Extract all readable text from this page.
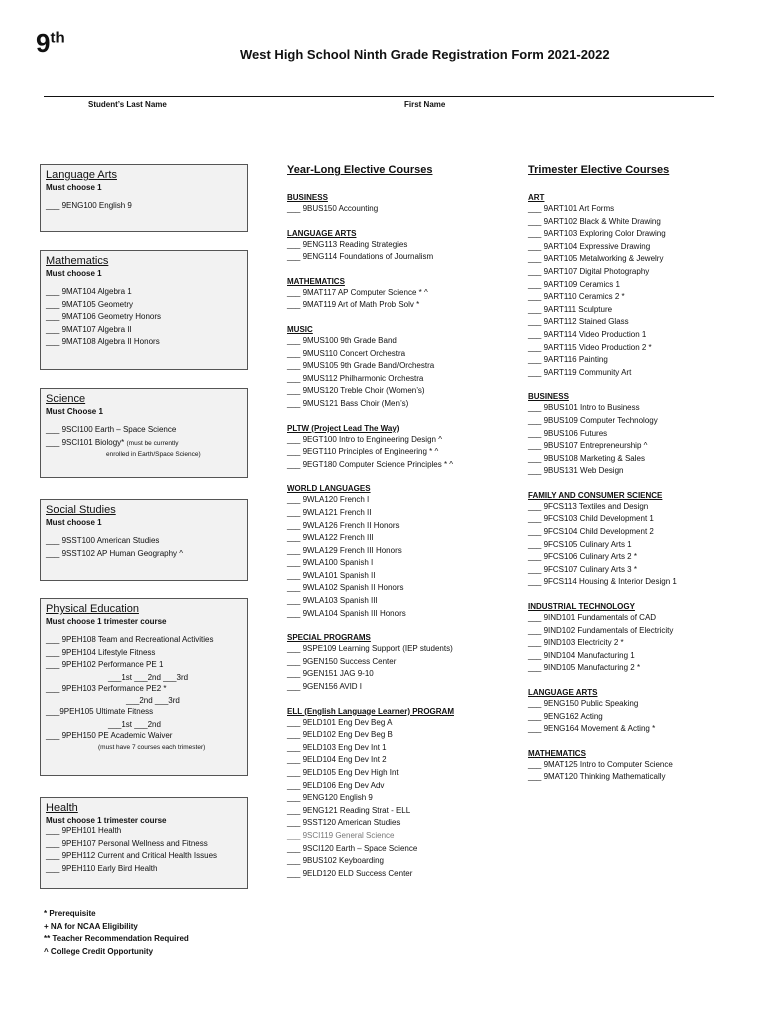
9th
West High School Ninth Grade Registration Form 2021-2022
Student’s Last Name	First Name
Language Arts
Must choose 1
___ 9ENG100 English 9
Mathematics
Must choose 1
___ 9MAT104 Algebra 1
___ 9MAT105 Geometry
___ 9MAT106 Geometry Honors
___ 9MAT107 Algebra II
___ 9MAT108 Algebra II Honors
Science
Must Choose 1
___ 9SCI100 Earth – Space Science
___ 9SCI101 Biology* (must be currently
enrolled in Earth/Space Science)
Social Studies
Must choose 1
___ 9SST100 American Studies
___ 9SST102 AP Human Geography ^
Physical Education
Must choose 1 trimester course
___ 9PEH108 Team and Recreational Activities
___ 9PEH104 Lifestyle Fitness
___ 9PEH102 Performance PE 1
___1st ___2nd ___3rd
___ 9PEH103 Performance PE2 *
___2nd ___3rd
___9PEH105 Ultimate Fitness
___1st ___2nd
___ 9PEH150 PE Academic Waiver
(must have 7 courses each trimester)
Health
Must choose 1 trimester course
___ 9PEH101 Health
___ 9PEH107 Personal Wellness and Fitness
___ 9PEH112 Current and Critical Health Issues
___ 9PEH110 Early Bird Health
* Prerequisite
+ NA for NCAA Eligibility
** Teacher Recommendation Required
^ College Credit Opportunity
Year-Long Elective Courses
BUSINESS
___ 9BUS150 Accounting
LANGUAGE ARTS
___ 9ENG113 Reading Strategies
___ 9ENG114 Foundations of Journalism
MATHEMATICS
___ 9MAT117 AP Computer Science * ^
___ 9MAT119 Art of Math Prob Solv *
MUSIC
___ 9MUS100 9th Grade Band
___ 9MUS110 Concert Orchestra
___ 9MUS105 9th Grade Band/Orchestra
___ 9MUS112 Philharmonic Orchestra
___ 9MUS120 Treble Choir (Women’s)
___ 9MUS121 Bass Choir (Men’s)
PLTW (Project Lead The Way)
___ 9EGT100 Intro to Engineering Design ^
___ 9EGT110 Principles of Engineering * ^
___ 9EGT180 Computer Science Principles * ^
WORLD LANGUAGES
___ 9WLA120 French I
___ 9WLA121 French II
___ 9WLA126 French II Honors
___ 9WLA122 French III
___ 9WLA129 French III Honors
___ 9WLA100 Spanish I
___ 9WLA101 Spanish II
___ 9WLA102 Spanish II Honors
___ 9WLA103 Spanish III
___ 9WLA104 Spanish III Honors
SPECIAL PROGRAMS
___ 9SPE109 Learning Support (IEP students)
___ 9GEN150 Success Center
___ 9GEN151 JAG 9-10
___ 9GEN156 AVID I
ELL (English Language Learner) PROGRAM
___ 9ELD101 Eng Dev Beg A
___ 9ELD102 Eng Dev Beg B
___ 9ELD103 Eng Dev Int 1
___ 9ELD104 Eng Dev Int 2
___ 9ELD105 Eng Dev High Int
___ 9ELD106 Eng Dev Adv
___ 9ENG120 English 9
___ 9ENG121 Reading Strat - ELL
___ 9SST120 American Studies
___ 9SCI119 General Science
___ 9SCI120 Earth – Space Science
___ 9BUS102 Keyboarding
___ 9ELD120 ELD Success Center
Trimester Elective Courses
ART
___ 9ART101 Art Forms
___ 9ART102 Black & White Drawing
___ 9ART103 Exploring Color Drawing
___ 9ART104 Expressive Drawing
___ 9ART105 Metalworking & Jewelry
___ 9ART107 Digital Photography
___ 9ART109 Ceramics 1
___ 9ART110 Ceramics 2 *
___ 9ART111 Sculpture
___ 9ART112 Stained Glass
___ 9ART114 Video Production 1
___ 9ART115 Video Production 2 *
___ 9ART116 Painting
___ 9ART119 Community Art
BUSINESS
___ 9BUS101 Intro to Business
___ 9BUS109 Computer Technology
___ 9BUS106 Futures
___ 9BUS107 Entrepreneurship ^
___ 9BUS108 Marketing & Sales
___ 9BUS131 Web Design
FAMILY AND CONSUMER SCIENCE
___ 9FCS113 Textiles and Design
___ 9FCS103 Child Development 1
___ 9FCS104 Child Development 2
___ 9FCS105 Culinary Arts 1
___ 9FCS106 Culinary Arts 2 *
___ 9FCS107 Culinary Arts 3 *
___ 9FCS114 Housing & Interior Design 1
INDUSTRIAL TECHNOLOGY
___ 9IND101 Fundamentals of CAD
___ 9IND102 Fundamentals of Electricity
___ 9IND103 Electricity 2 *
___ 9IND104 Manufacturing 1
___ 9IND105 Manufacturing 2 *
LANGUAGE ARTS
___ 9ENG150 Public Speaking
___ 9ENG162 Acting
___ 9ENG164 Movement & Acting *
MATHEMATICS
___ 9MAT125 Intro to Computer Science
___ 9MAT120 Thinking Mathematically
